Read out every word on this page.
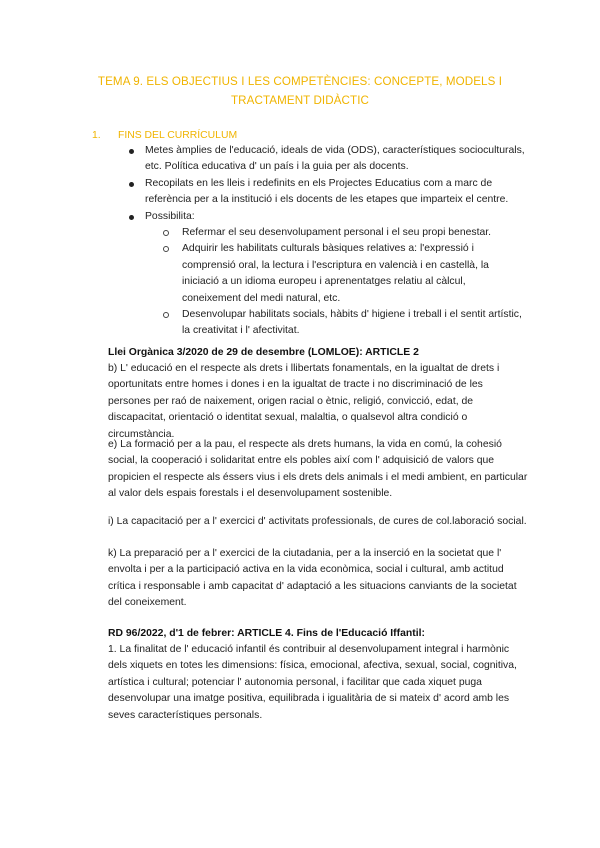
TEMA 9. ELS OBJECTIUS I LES COMPETÈNCIES: CONCEPTE, MODELS I TRACTAMENT DIDÀCTIC
1. FINS DEL CURRÍCULUM
Metes àmplies de l'educació, ideals de vida (ODS), característiques socioculturals, etc. Política educativa d' un país i la guia per als docents.
Recopilats en les lleis i redefinits en els Projectes Educatius com a marc de referència per a la institució i els docents de les etapes que imparteix el centre.
Possibilita:
Refermar el seu desenvolupament personal i el seu propi benestar.
Adquirir les habilitats culturals bàsiques relatives a: l'expressió i comprensió oral, la lectura i l'escriptura en valencià i en castellà, la iniciació a un idioma europeu i aprenentatges relatiu al càlcul, coneixement del medi natural, etc.
Desenvolupar habilitats socials, hàbits d' higiene i treball i el sentit artístic, la creativitat i l' afectivitat.
Llei Orgànica 3/2020 de 29 de desembre (LOMLOE): ARTICLE 2
b) L' educació en el respecte als drets i llibertats fonamentals, en la igualtat de drets i oportunitats entre homes i dones i en la igualtat de tracte i no discriminació de les persones per raó de naixement, origen racial o ètnic, religió, convicció, edat, de discapacitat, orientació o identitat sexual, malaltia, o qualsevol altra condició o circumstància.
e) La formació per a la pau, el respecte als drets humans, la vida en comú, la cohesió social, la cooperació i solidaritat entre els pobles així com l' adquisició de valors que propicien el respecte als éssers vius i els drets dels animals i el medi ambient, en particular al valor dels espais forestals i el desenvolupament sostenible.
i) La capacitació per a l' exercici d' activitats professionals, de cures de col.laboració social.
k) La preparació per a l' exercici de la ciutadania, per a la inserció en la societat que l' envolta i per a la participació activa en la vida econòmica, social i cultural, amb actitud crítica i responsable i amb capacitat d' adaptació a les situacions canviants de la societat del coneixement.
RD 96/2022, d'1 de febrer: ARTICLE 4. Fins de l'Educació Iffantil:
1. La finalitat de l' educació infantil és contribuir al desenvolupament integral i harmònic dels xiquets en totes les dimensions: física, emocional, afectiva, sexual, social, cognitiva, artística i cultural; potenciar l' autonomia personal, i facilitar que cada xiquet puga desenvolupar una imatge positiva, equilibrada i igualitària de si mateix d' acord amb les seves característiques personals.
